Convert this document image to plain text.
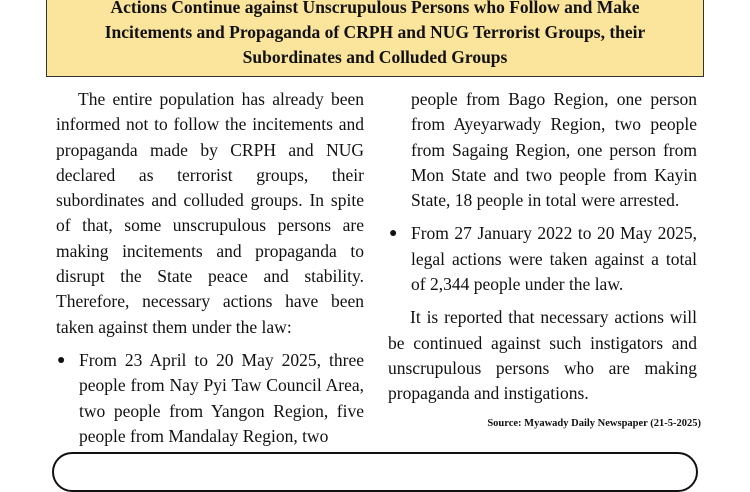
Actions Continue against Unscrupulous Persons who Follow and Make
Incitements and Propaganda of CRPH and NUG Terrorist Groups, their
Subordinates and Colluded Groups

The entire population has already been informed not to follow the incitements and propaganda made by CRPH and NUG declared as terrorist groups, their subordinates and colluded groups. In spite of that, some unscrupulous persons are making incitements and propaganda to disrupt the State peace and stability. Therefore, necessary actions have been taken against them under the law:

● From 23 April to 20 May 2025, three people from Nay Pyi Taw Council Area, two people from Yangon Region, five people from Mandalay Region, two

people from Bago Region, one person from Ayeyarwady Region, two people from Sagaing Region, one person from Mon State and two people from Kayin State, 18 people in total were arrested.

● From 27 January 2022 to 20 May 2025, legal actions were taken against a total of 2,344 people under the law.

It is reported that necessary actions will be continued against such instigators and unscrupulous persons who are making propaganda and instigations.

Source: Myawady Daily Newspaper (21-5-2025)
